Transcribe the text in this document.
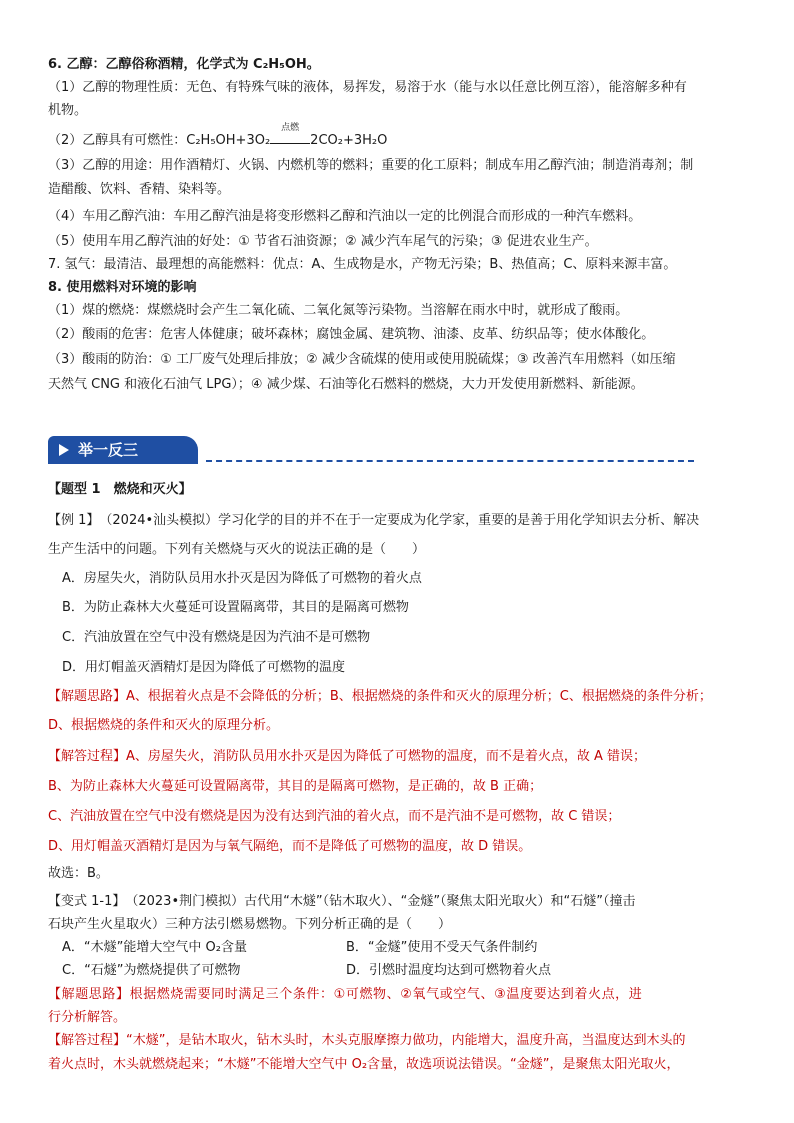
6. 乙醇：乙醇俗称酒精，化学式为 C₂H₅OH。
（1）乙醇的物理性质：无色、有特殊气味的液体，易挥发，易溶于水（能与水以任意比例互溶），能溶解多种有
机物。
（2）乙醇具有可燃性：C₂H₅OH+3O₂
点燃
2CO₂+3H₂O
（3）乙醇的用途：用作酒精灯、火锅、内燃机等的燃料；重要的化工原料；制成车用乙醇汽油；制造消毒剂；制
造醋酸、饮料、香精、染料等。
（4）车用乙醇汽油：车用乙醇汽油是将变形燃料乙醇和汽油以一定的比例混合而形成的一种汽车燃料。
（5）使用车用乙醇汽油的好处：① 节省石油资源；② 减少汽车尾气的污染；③ 促进农业生产。
7. 氢气：最清洁、最理想的高能燃料：优点：A、生成物是水，产物无污染；B、热值高；C、原料来源丰富。
8. 使用燃料对环境的影响
（1）煤的燃烧：煤燃烧时会产生二氧化硫、二氧化氮等污染物。当溶解在雨水中时，就形成了酸雨。
（2）酸雨的危害：危害人体健康；破坏森林；腐蚀金属、建筑物、油漆、皮革、纺织品等；使水体酸化。
（3）酸雨的防治：① 工厂废气处理后排放；② 减少含硫煤的使用或使用脱硫煤；③ 改善汽车用燃料（如压缩
天然气 CNG 和液化石油气 LPG）；④ 减少煤、石油等化石燃料的燃烧，大力开发使用新燃料、新能源。
举一反三
【题型 1　燃烧和灭火】
【例 1】　（2024•汕头模拟）学习化学的目的并不在于一定要成为化学家，重要的是善于用化学知识去分析、解决
生产生活中的问题。下列有关燃烧与灭火的说法正确的是（　　）
A．房屋失火，消防队员用水扑灭是因为降低了可燃物的着火点
B．为防止森林大火蔓延可设置隔离带，其目的是隔离可燃物
C．汽油放置在空气中没有燃烧是因为汽油不是可燃物
D．用灯帽盖灭酒精灯是因为降低了可燃物的温度
【解题思路】A、根据着火点是不会降低的分析；B、根据燃烧的条件和灭火的原理分析；C、根据燃烧的条件分析；
D、根据燃烧的条件和灭火的原理分析。
【解答过程】A、房屋失火，消防队员用水扑灭是因为降低了可燃物的温度，而不是着火点，故 A 错误；
B、为防止森林大火蔓延可设置隔离带，其目的是隔离可燃物，是正确的，故 B 正确；
C、汽油放置在空气中没有燃烧是因为没有达到汽油的着火点，而不是汽油不是可燃物，故 C 错误；
D、用灯帽盖灭酒精灯是因为与氧气隔绝，而不是降低了可燃物的温度，故 D 错误。
故选：B。
【变式 1-1】　（2023•荆门模拟）古代用“木燧”（钻木取火）、“金燧”（聚焦太阳光取火）和“石燧”（撞击
石块产生火星取火）三种方法引燃易燃物。下列分析正确的是（　　）
A．“木燧”能增大空气中 O₂含量	B．“金燧”使用不受天气条件制约
C．“石燧”为燃烧提供了可燃物	D．引燃时温度均达到可燃物着火点
【解题思路】根据燃烧需要同时满足三个条件：①可燃物、②氧气或空气、③温度要达到着火点，进
行分析解答。
【解答过程】“木燧”，是钻木取火，钻木头时，木头克服摩擦力做功，内能增大，温度升高，当温度达到木头的
着火点时，木头就燃烧起来；“木燧”不能增大空气中 O₂含量，故选项说法错误。“金燧”，是聚焦太阳光取火，
